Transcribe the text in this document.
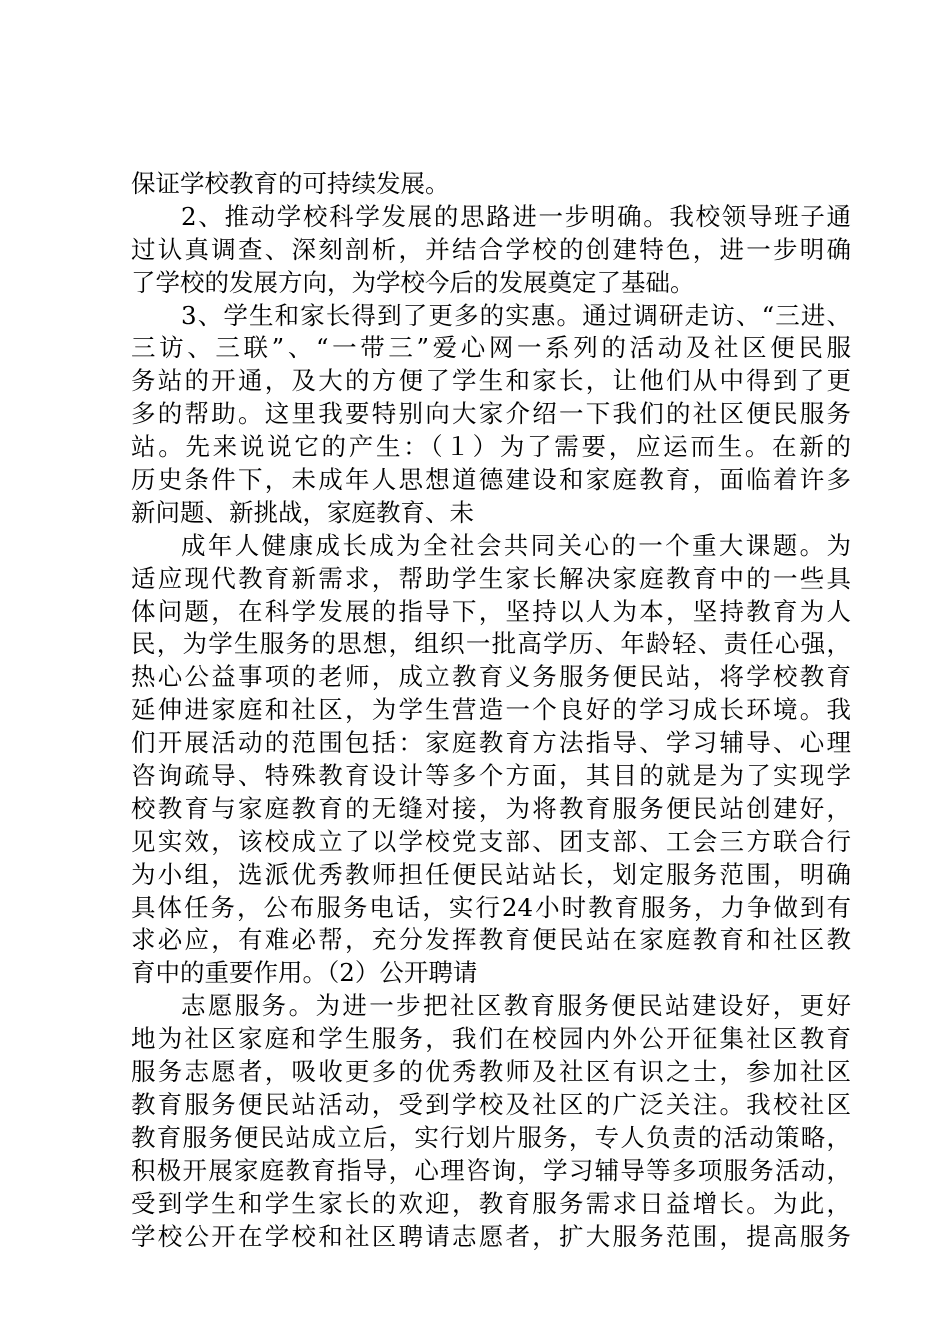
保证学校教育的可持续发展。
2、推动学校科学发展的思路进一步明确。我校领导班子通
过认真调查、深刻剖析，并结合学校的创建特色，进一步明确
了学校的发展方向，为学校今后的发展奠定了基础。
3、学生和家长得到了更多的实惠。通过调研走访、“三进、
三访、三联”、“一带三”爱心网一系列的活动及社区便民服
务站的开通，及大的方便了学生和家长，让他们从中得到了更
多的帮助。这里我要特别向大家介绍一下我们的社区便民服务
站。先来说说它的产生：（１）为了需要，应运而生。在新的
历史条件下，未成年人思想道德建设和家庭教育，面临着许多
新问题、新挑战，家庭教育、未
成年人健康成长成为全社会共同关心的一个重大课题。为
适应现代教育新需求，帮助学生家长解决家庭教育中的一些具
体问题，在科学发展的指导下，坚持以人为本，坚持教育为人
民，为学生服务的思想，组织一批高学历、年龄轻、责任心强，
热心公益事项的老师，成立教育义务服务便民站，将学校教育
延伸进家庭和社区，为学生营造一个良好的学习成长环境。我
们开展活动的范围包括：家庭教育方法指导、学习辅导、心理
咨询疏导、特殊教育设计等多个方面，其目的就是为了实现学
校教育与家庭教育的无缝对接，为将教育服务便民站创建好，
见实效，该校成立了以学校党支部、团支部、工会三方联合行
为小组，选派优秀教师担任便民站站长，划定服务范围，明确
具体任务，公布服务电话，实行24小时教育服务，力争做到有
求必应，有难必帮，充分发挥教育便民站在家庭教育和社区教
育中的重要作用。（2）公开聘请
志愿服务。为进一步把社区教育服务便民站建设好，更好
地为社区家庭和学生服务，我们在校园内外公开征集社区教育
服务志愿者，吸收更多的优秀教师及社区有识之士，参加社区
教育服务便民站活动，受到学校及社区的广泛关注。我校社区
教育服务便民站成立后，实行划片服务，专人负责的活动策略，
积极开展家庭教育指导，心理咨询，学习辅导等多项服务活动，
受到学生和学生家长的欢迎，教育服务需求日益增长。为此，
学校公开在学校和社区聘请志愿者，扩大服务范围，提高服务
